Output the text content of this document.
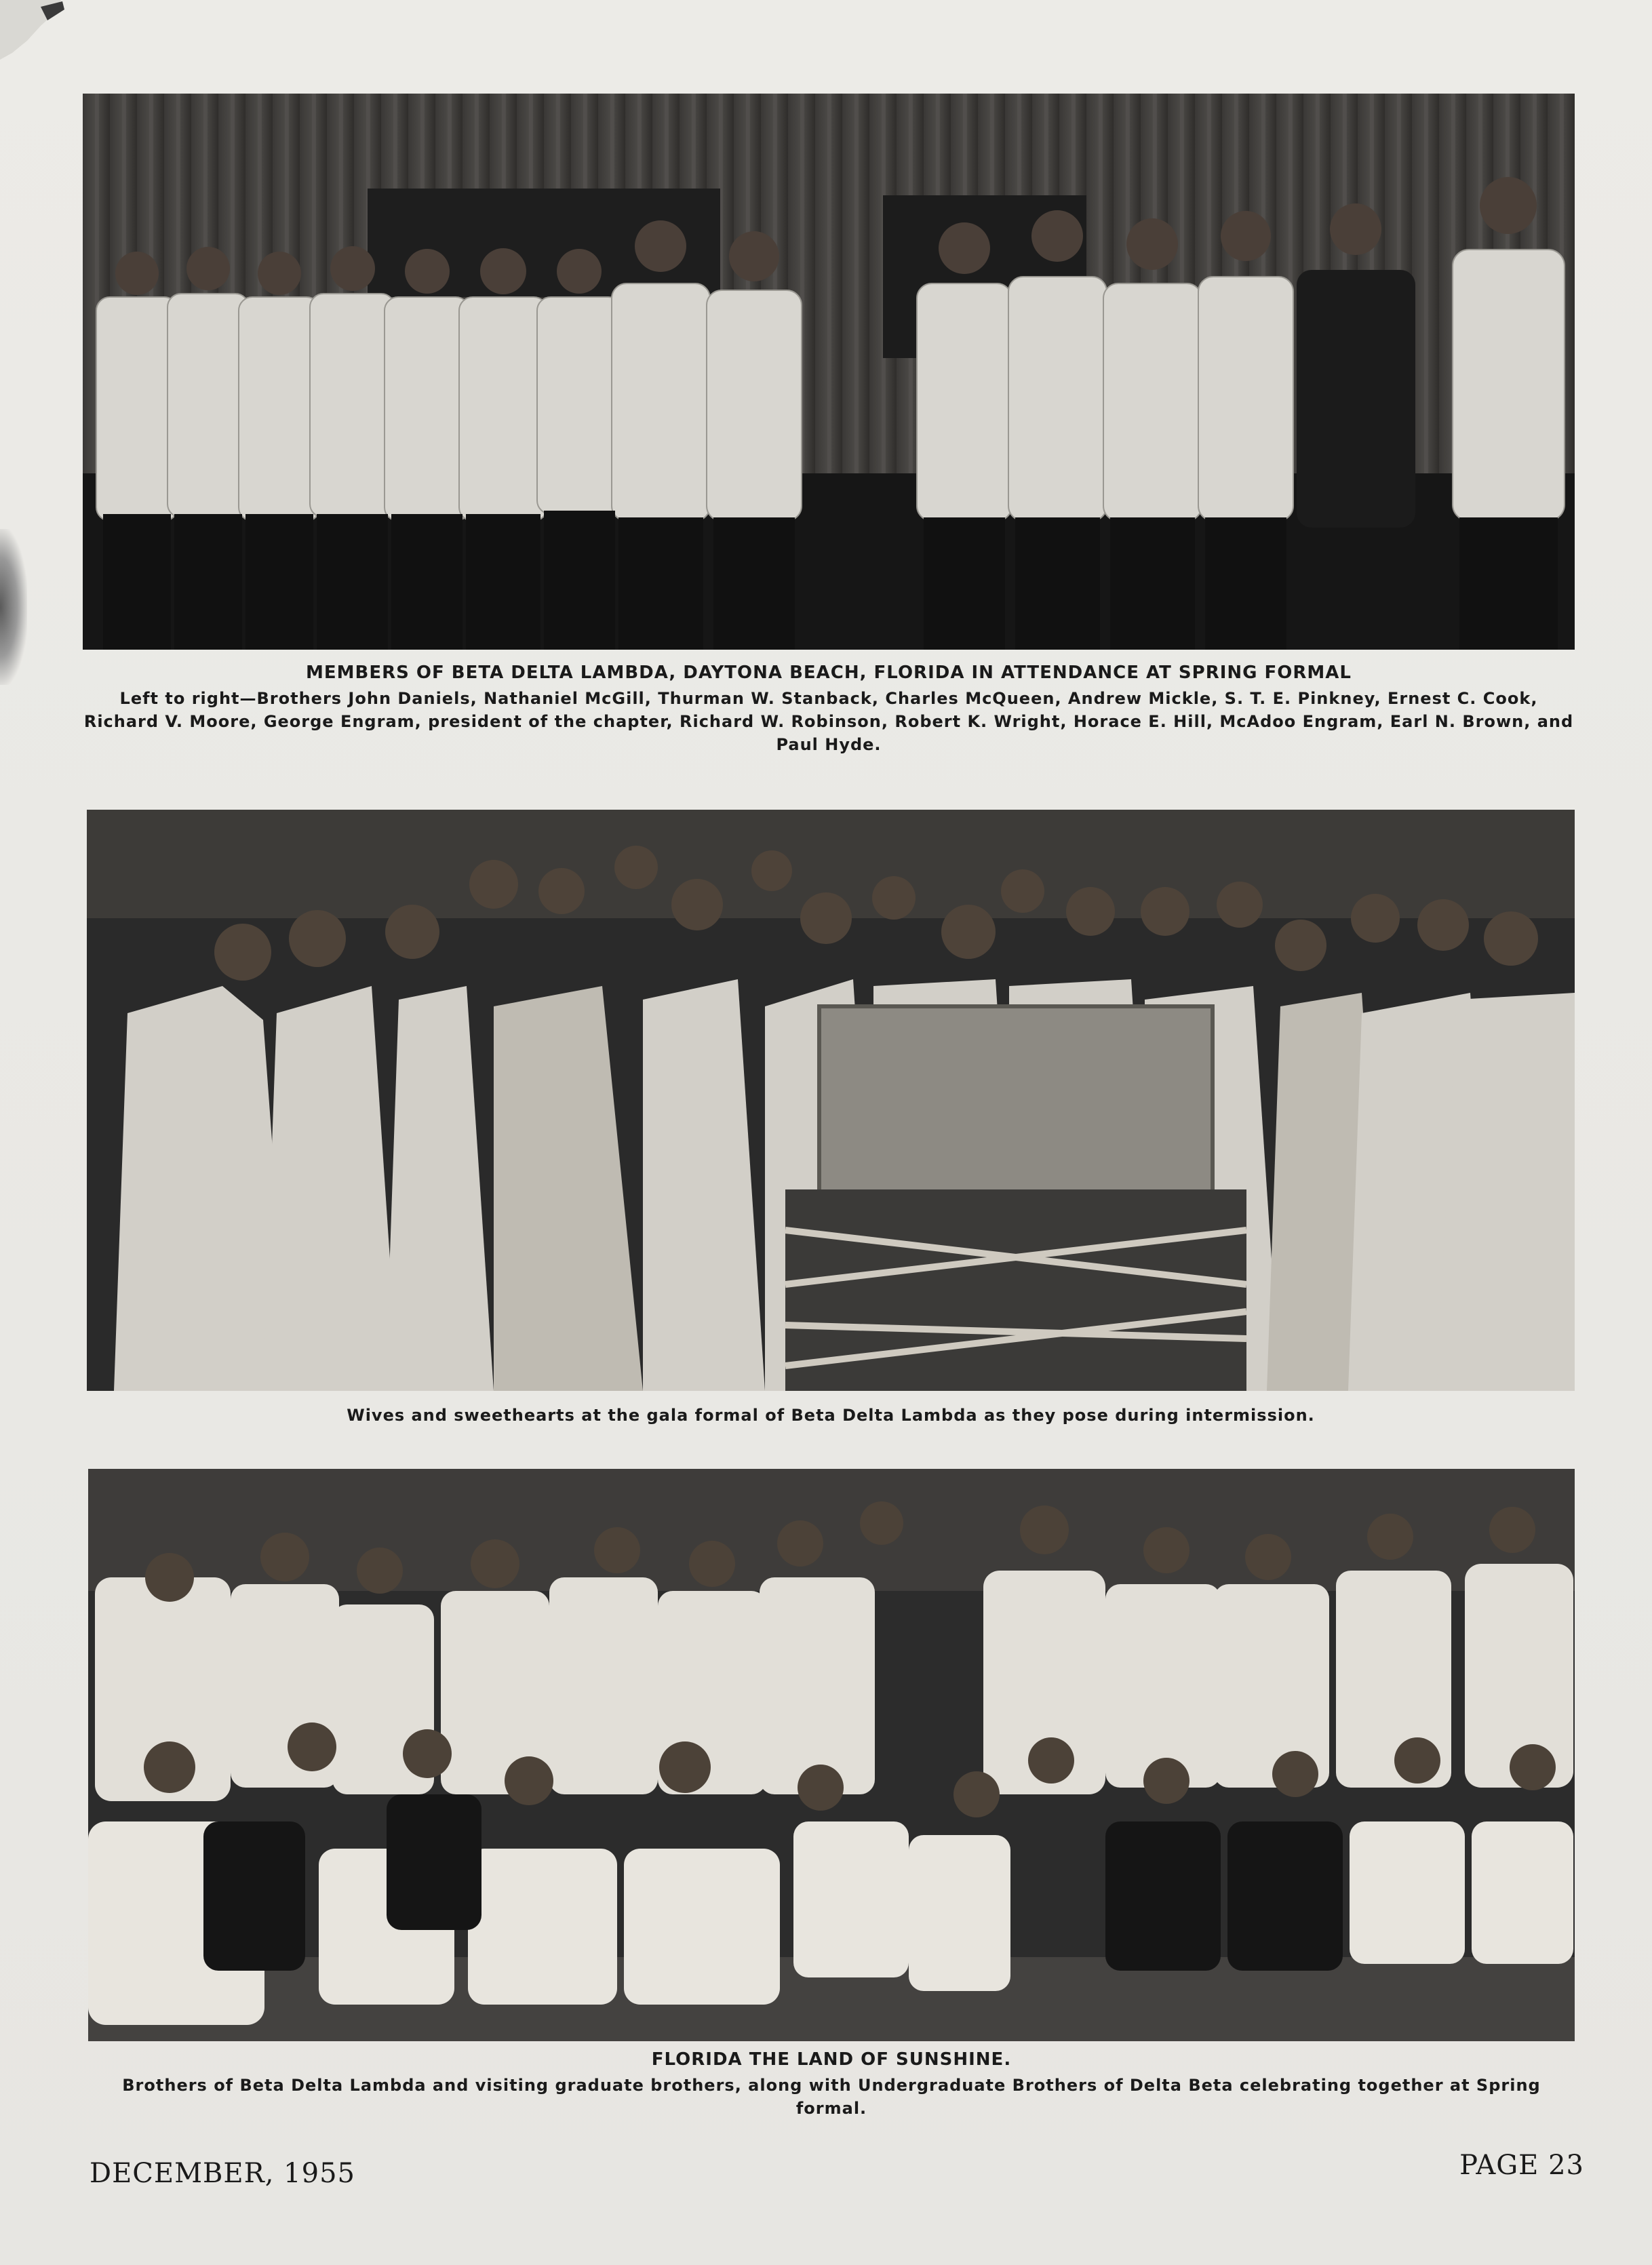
MEMBERS OF BETA DELTA LAMBDA, DAYTONA BEACH, FLORIDA IN ATTENDANCE AT SPRING FORMAL
Left to right—Brothers John Daniels, Nathaniel McGill, Thurman W. Stanback, Charles McQueen, Andrew Mickle, S. T. E. Pinkney, Ernest C. Cook, Richard V. Moore, George Engram, president of the chapter, Richard W. Robinson, Robert K. Wright, Horace E. Hill, McAdoo Engram, Earl N. Brown, and Paul Hyde.
Wives and sweethearts at the gala formal of Beta Delta Lambda as they pose during intermission.
FLORIDA THE LAND OF SUNSHINE.
Brothers of Beta Delta Lambda and visiting graduate brothers, along with Undergraduate Brothers of Delta Beta celebrating together at Spring formal.
DECEMBER, 1955	PAGE 23
